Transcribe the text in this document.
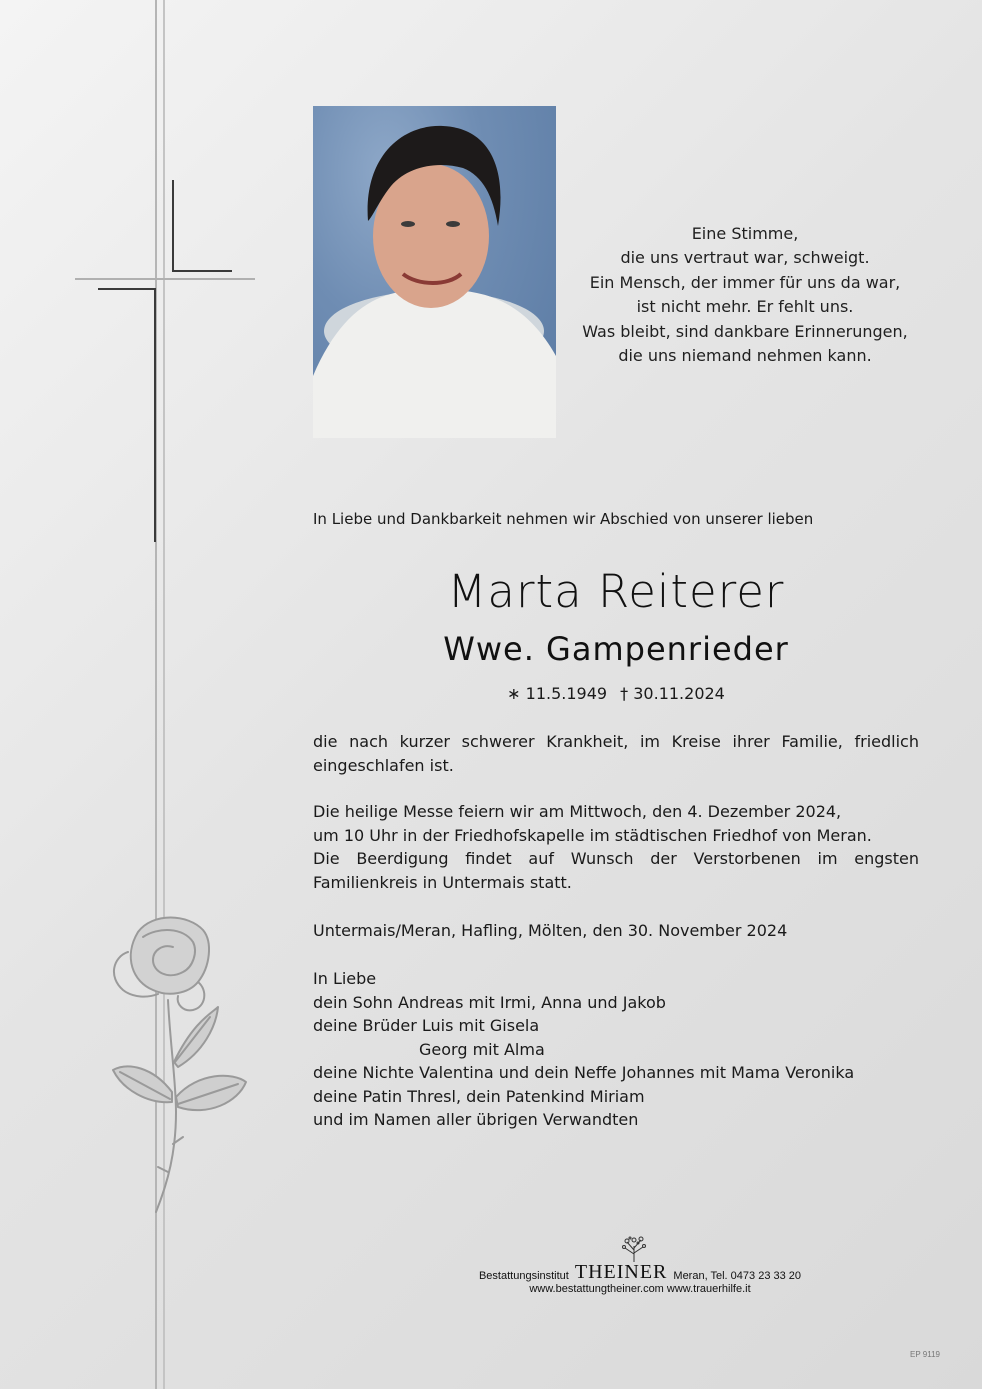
Eine Stimme,
die uns vertraut war, schweigt.
Ein Mensch, der immer für uns da war,
ist nicht mehr. Er fehlt uns.
Was bleibt, sind dankbare Erinnerungen,
die uns niemand nehmen kann.
In Liebe und Dankbarkeit nehmen wir Abschied von unserer lieben
Marta Reiterer
Wwe. Gampenrieder
∗ 11.5.1949 † 30.11.2024
die nach kurzer schwerer Krankheit, im Kreise ihrer Familie, friedlich
eingeschlafen ist.
Die heilige Messe feiern wir am Mittwoch, den 4. Dezember 2024,
um 10 Uhr in der Friedhofskapelle im städtischen Friedhof von Meran.
Die Beerdigung findet auf Wunsch der Verstorbenen im engsten
Familienkreis in Untermais statt.
Untermais/Meran, Hafling, Mölten, den 30. November 2024
In Liebe
dein Sohn Andreas mit Irmi, Anna und Jakob
deine Brüder Luis mit Gisela
Georg mit Alma
deine Nichte Valentina und dein Neffe Johannes mit Mama Veronika
deine Patin Thresl, dein Patenkind Miriam
und im Namen aller übrigen Verwandten
Bestattungsinstitut THEINER Meran, Tel. 0473 23 33 20
www.bestattungtheiner.com www.trauerhilfe.it
EP 9119
